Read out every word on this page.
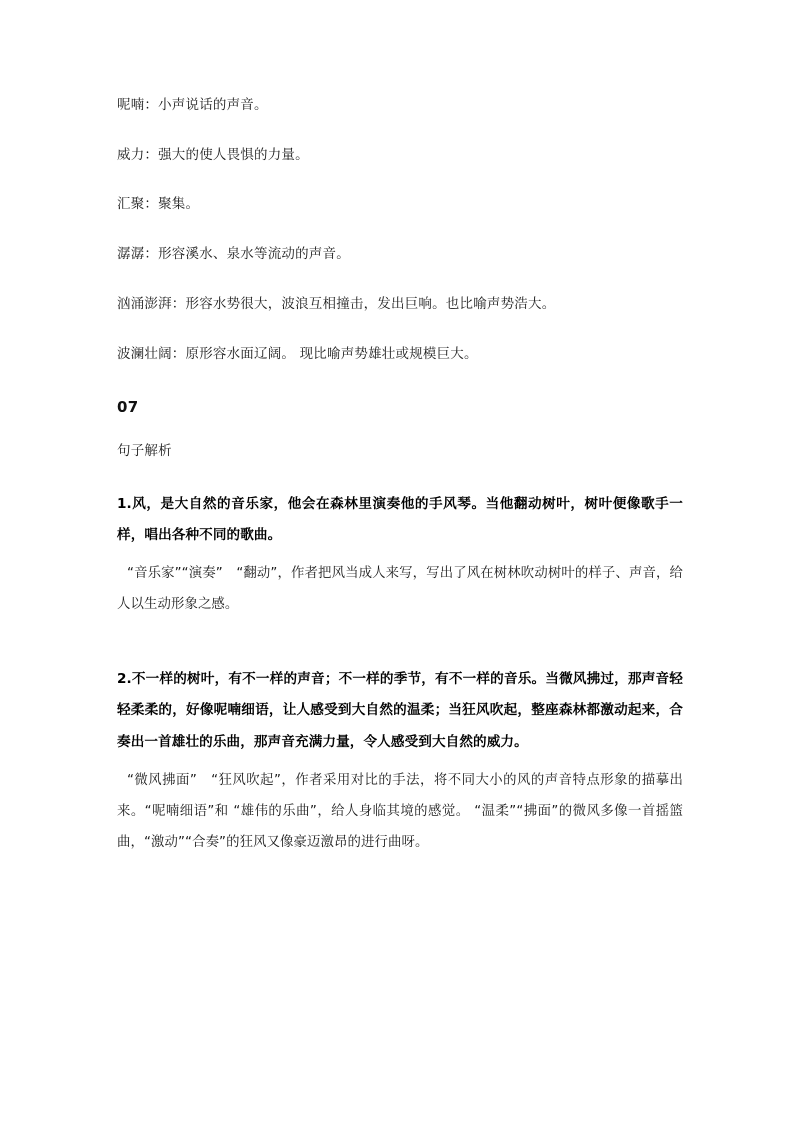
呢喃：小声说话的声音。

威力：强大的使人畏惧的力量。

汇聚：聚集。

潺潺：形容溪水、泉水等流动的声音。

汹涌澎湃：形容水势很大，波浪互相撞击，发出巨响。也比喻声势浩大。

波澜壮阔：原形容水面辽阔。 现比喻声势雄壮或规模巨大。

07

句子解析

1.风，是大自然的音乐家，他会在森林里演奏他的手风琴。当他翻动树叶，树叶便像歌手一样，唱出各种不同的歌曲。

“音乐家”“演奏”　“翻动”，作者把风当成人来写，写出了风在树林吹动树叶的样子、声音，给人以生动形象之感。

2.不一样的树叶，有不一样的声音；不一样的季节，有不一样的音乐。当微风拂过，那声音轻轻柔柔的，好像呢喃细语，让人感受到大自然的温柔；当狂风吹起，整座森林都激动起来，合奏出一首雄壮的乐曲，那声音充满力量，令人感受到大自然的威力。

“微风拂面”　“狂风吹起”，作者采用对比的手法，将不同大小的风的声音特点形象的描摹出来。“呢喃细语”和 “雄伟的乐曲”，给人身临其境的感觉。 “温柔”“拂面”的微风多像一首摇篮曲，“激动”“合奏”的狂风又像豪迈激昂的进行曲呀。
